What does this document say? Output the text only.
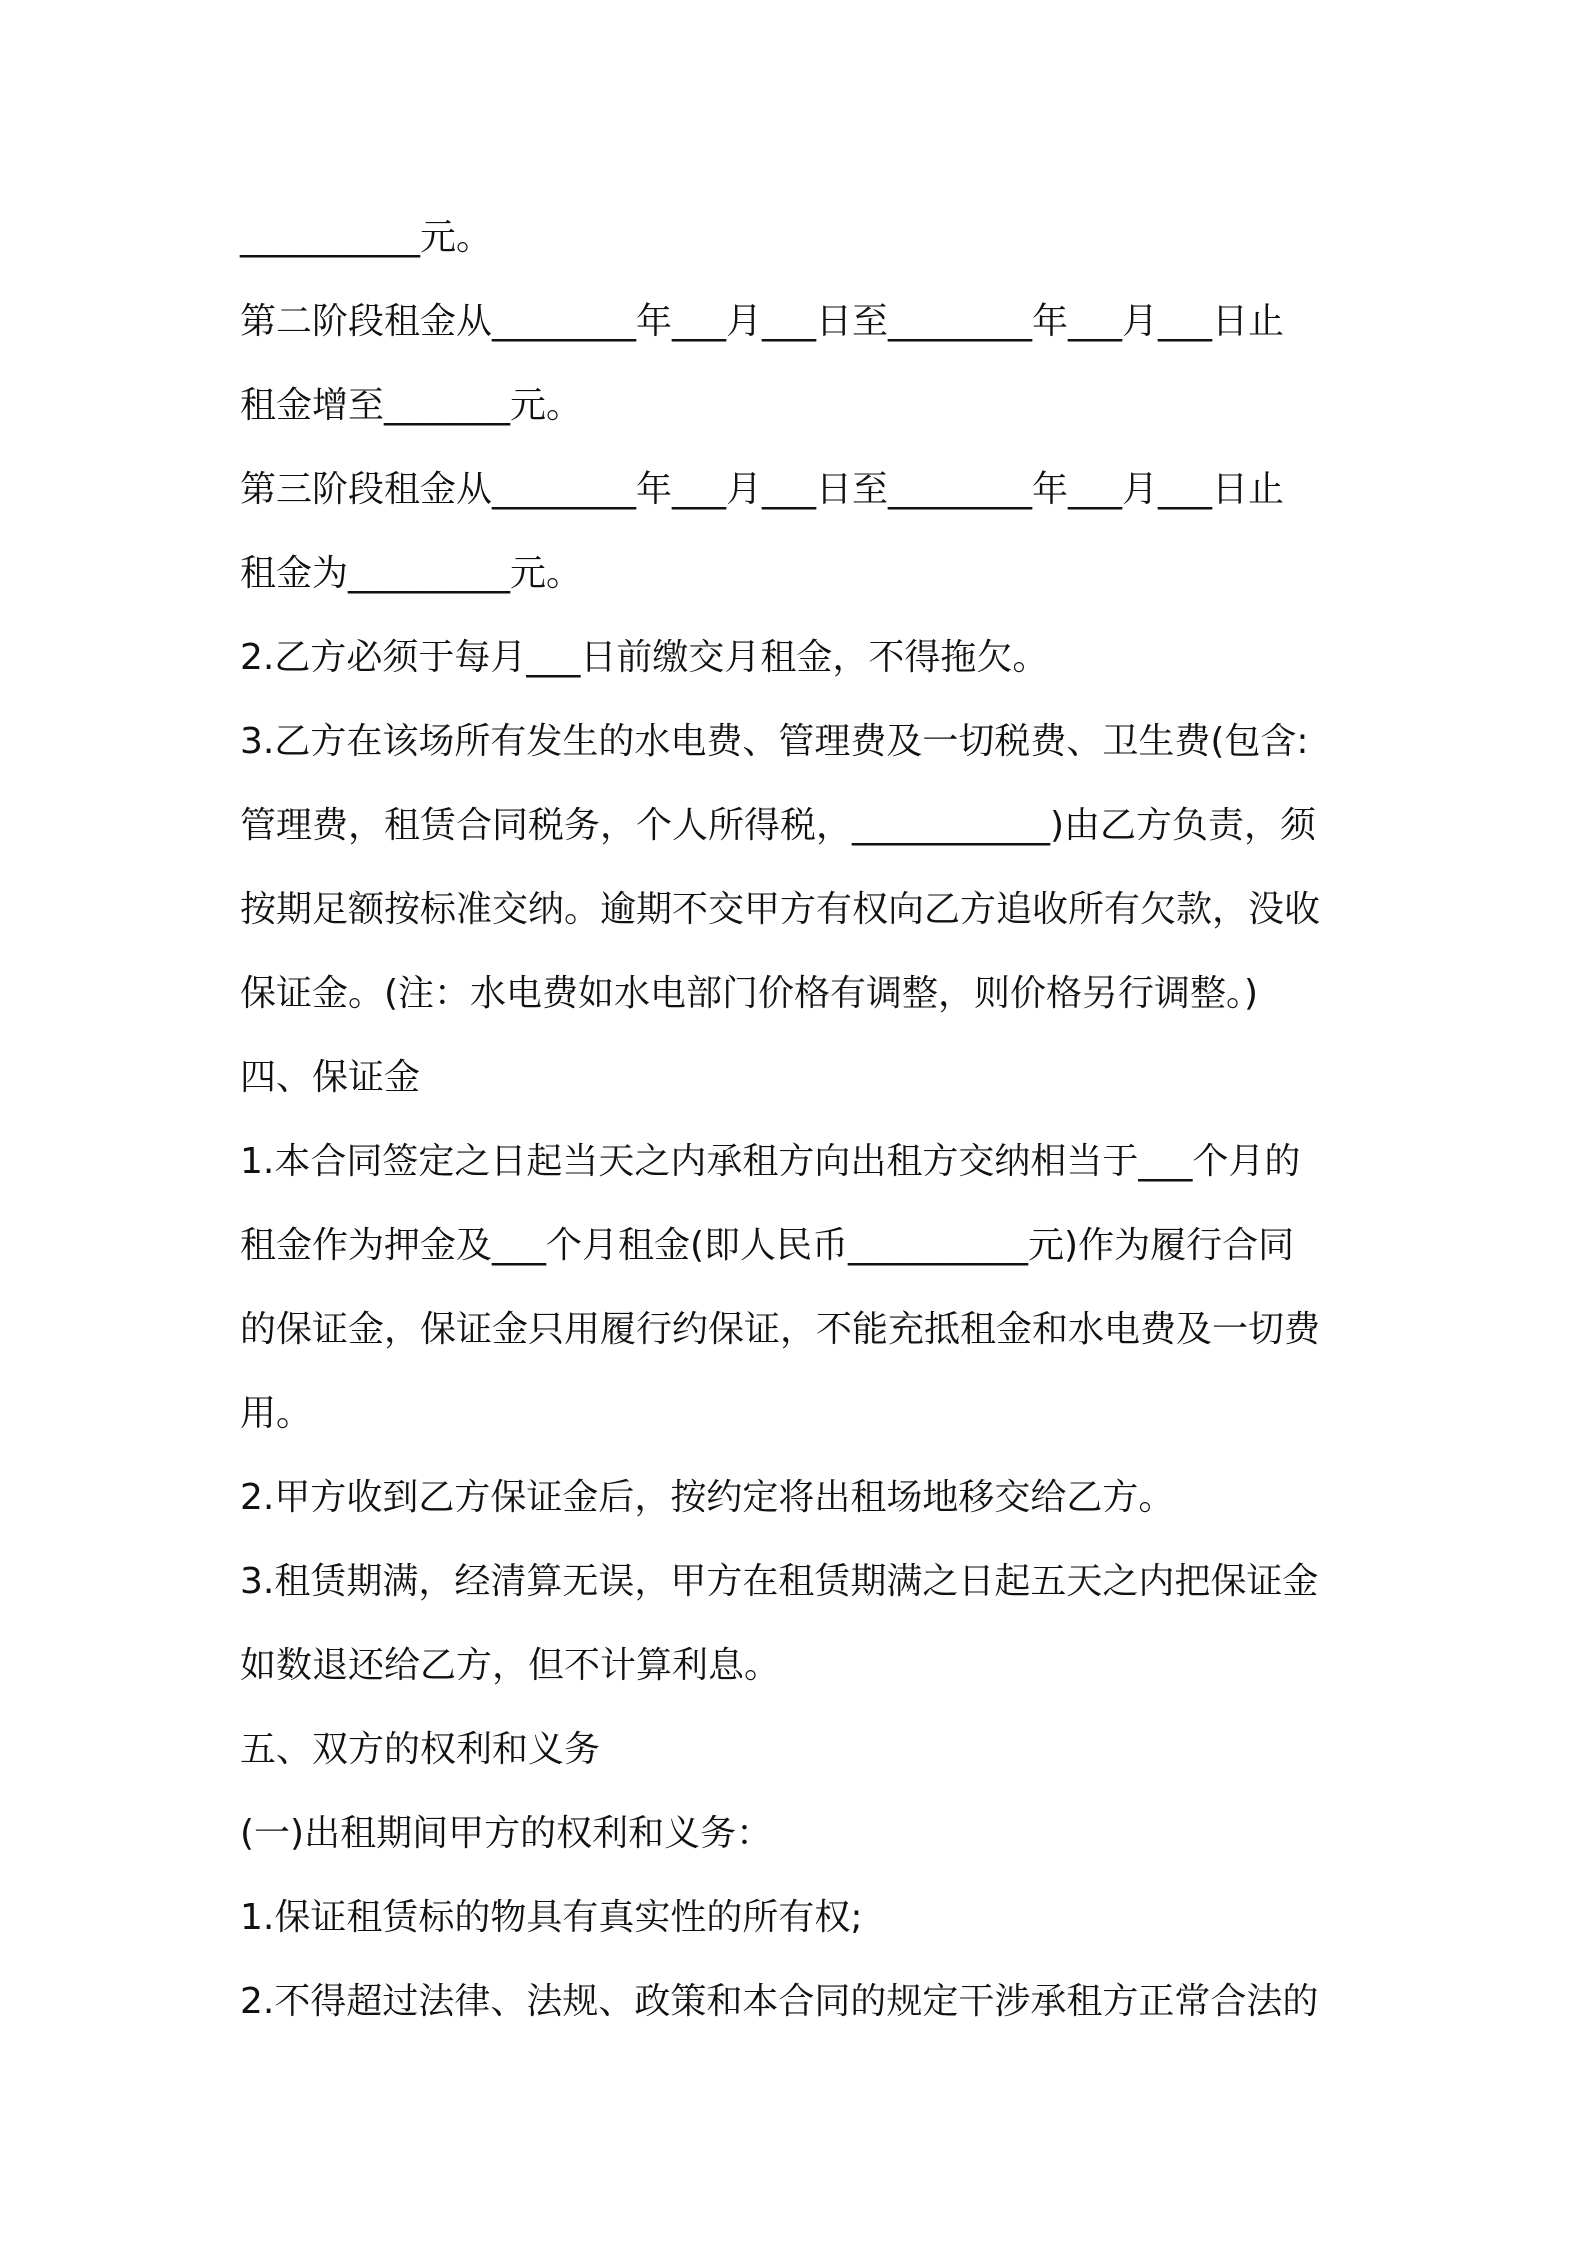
__________元。
第二阶段租金从________年___月___日至________年___月___日止
租金增至_______元。
第三阶段租金从________年___月___日至________年___月___日止
租金为_________元。
2.乙方必须于每月___日前缴交月租金，不得拖欠。
3.乙方在该场所有发生的水电费、管理费及一切税费、卫生费(包含:
管理费，租赁合同税务，个人所得税，___________)由乙方负责，须
按期足额按标准交纳。逾期不交甲方有权向乙方追收所有欠款，没收
保证金。(注：水电费如水电部门价格有调整，则价格另行调整。)
四、保证金
1.本合同签定之日起当天之内承租方向出租方交纳相当于___个月的
租金作为押金及___个月租金(即人民币__________元)作为履行合同
的保证金，保证金只用履行约保证，不能充抵租金和水电费及一切费
用。
2.甲方收到乙方保证金后，按约定将出租场地移交给乙方。
3.租赁期满，经清算无误，甲方在租赁期满之日起五天之内把保证金
如数退还给乙方，但不计算利息。
五、双方的权利和义务
(一)出租期间甲方的权利和义务：
1.保证租赁标的物具有真实性的所有权;
2.不得超过法律、法规、政策和本合同的规定干涉承租方正常合法的
